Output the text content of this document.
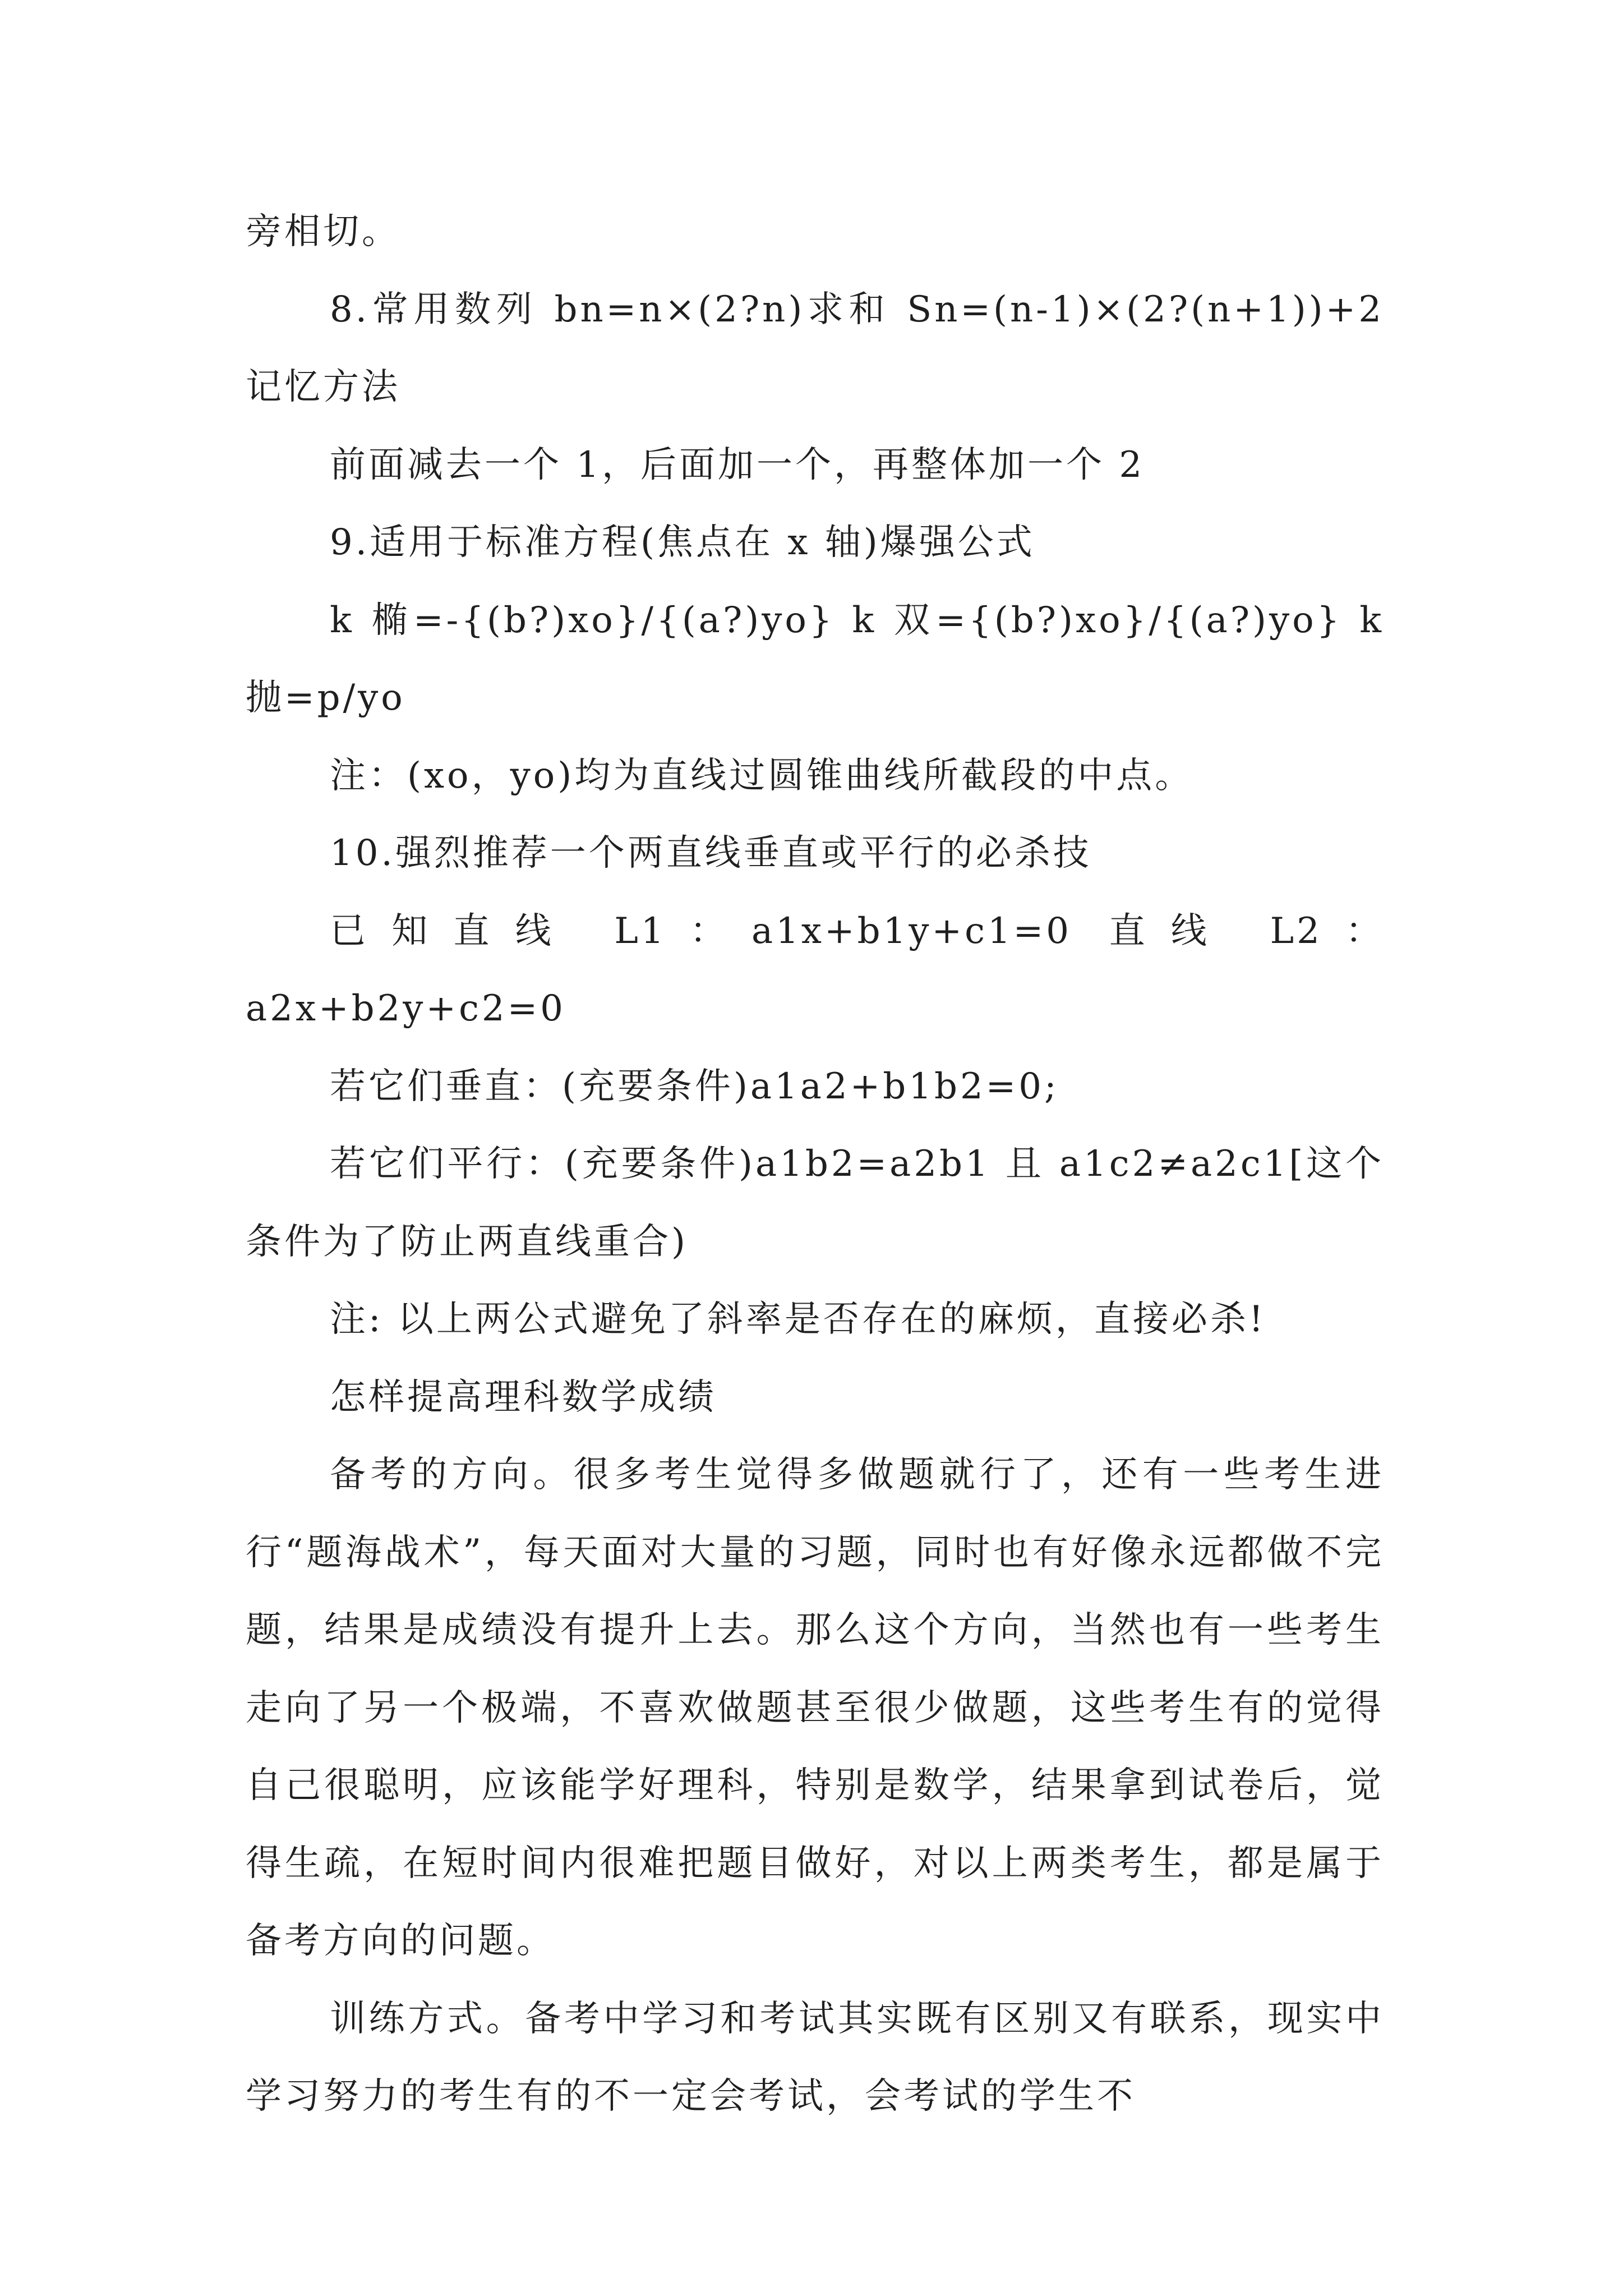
旁相切。

8.常用数列 bn=n×(2?n)求和 Sn=(n-1)×(2?(n+1))+2 记忆方法

前面减去一个 1，后面加一个，再整体加一个 2

9.适用于标准方程(焦点在 x 轴)爆强公式

k 椭=-{(b?)xo}/{(a?)yo} k 双={(b?)xo}/{(a?)yo} k 抛=p/yo

注：(xo，yo)均为直线过圆锥曲线所截段的中点。

10.强烈推荐一个两直线垂直或平行的必杀技

已知直线 L1：a1x+b1y+c1=0 直线 L2：a2x+b2y+c2=0

若它们垂直：(充要条件)a1a2+b1b2=0;

若它们平行：(充要条件)a1b2=a2b1 且 a1c2≠a2c1[这个条件为了防止两直线重合)

注: 以上两公式避免了斜率是否存在的麻烦，直接必杀!

怎样提高理科数学成绩

备考的方向。很多考生觉得多做题就行了，还有一些考生进行“题海战术”，每天面对大量的习题，同时也有好像永远都做不完题，结果是成绩没有提升上去。那么这个方向，当然也有一些考生走向了另一个极端，不喜欢做题甚至很少做题，这些考生有的觉得自己很聪明，应该能学好理科，特别是数学，结果拿到试卷后，觉得生疏，在短时间内很难把题目做好，对以上两类考生，都是属于备考方向的问题。

训练方式。备考中学习和考试其实既有区别又有联系，现实中学习努力的考生有的不一定会考试，会考试的学生不
